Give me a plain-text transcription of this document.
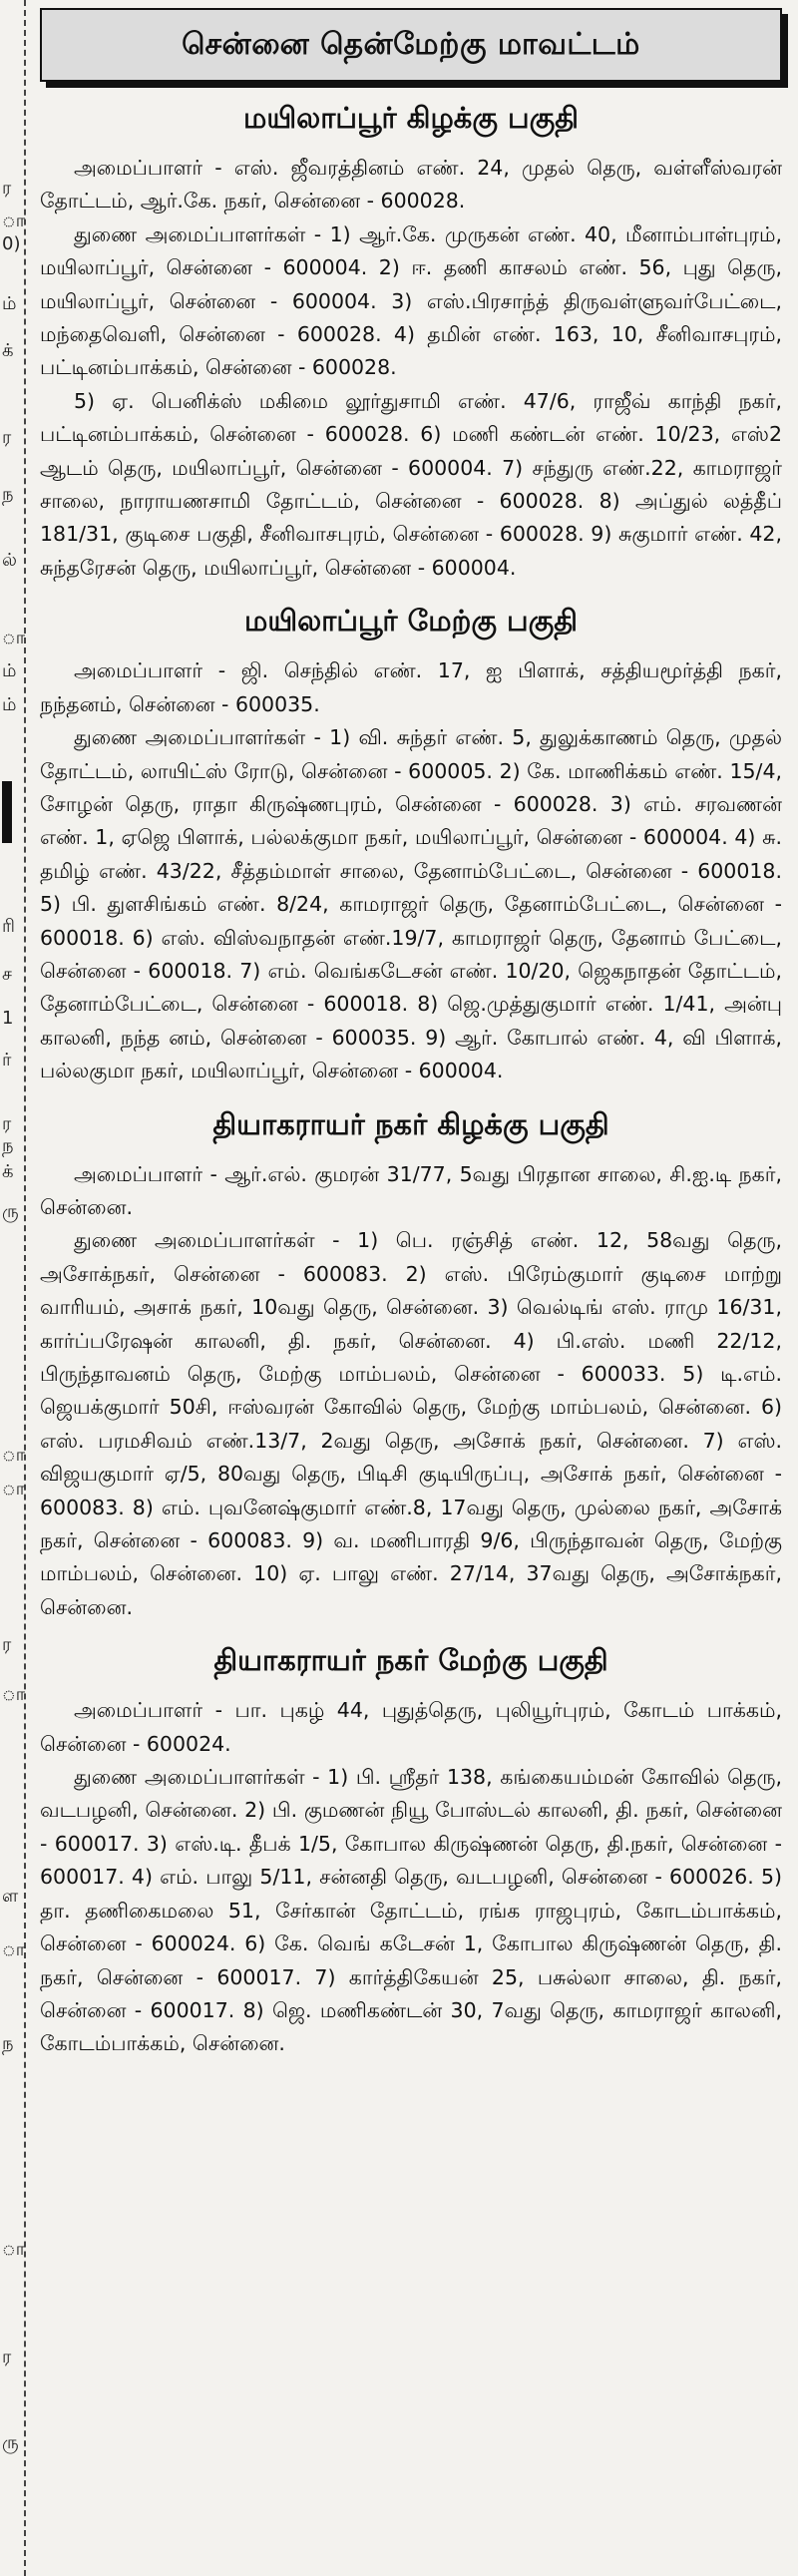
ர
ா
0)
ம்
க்
ர
ந
ல்
ா
ம்
ம்
ரி
ச
1
ர்
ர
ந
க்
ரு
ா
ா
ர
ா
ள
ா
ந
ா
ர
ரு
சென்னை தென்மேற்கு மாவட்டம்
மயிலாப்பூர் கிழக்கு பகுதி

அமைப்பாளர் - எஸ். ஜீவரத்தினம் எண். 24, முதல் தெரு, வள்ளீஸ்வரன் தோட்டம், ஆர்.கே. நகர், சென்னை - 600028.

துணை அமைப்பாளர்கள் - 1) ஆர்.கே. முருகன் எண். 40, மீனாம்பாள்புரம், மயிலாப்பூர், சென்னை - 600004. 2) ஈ. தணி காசலம் எண். 56, புது தெரு, மயிலாப்பூர், சென்னை - 600004. 3) எஸ்.பிரசாந்த் திருவள்ளுவர்பேட்டை, மந்தைவெளி, சென்னை - 600028. 4) தமின் எண். 163, 10, சீனிவாசபுரம், பட்டினம்பாக்கம், சென்னை - 600028.

5) ஏ. பெனிக்ஸ் மகிமை லூர்துசாமி எண். 47/6, ராஜீவ் காந்தி நகர், பட்டினம்பாக்கம், சென்னை - 600028. 6) மணி கண்டன் எண். 10/23, எஸ்2 ஆடம் தெரு, மயிலாப்பூர், சென்னை - 600004. 7) சந்துரு எண்.22, காமராஜர் சாலை, நாராயணசாமி தோட்டம், சென்னை - 600028. 8) அப்துல் லத்தீப் 181/31, குடிசை பகுதி, சீனிவாசபுரம், சென்னை - 600028. 9) சுகுமார் எண். 42, சுந்தரேசன் தெரு, மயிலாப்பூர், சென்னை - 600004.

மயிலாப்பூர் மேற்கு பகுதி

அமைப்பாளர் - ஜி. செந்தில் எண். 17, ஐ பிளாக், சத்தியமூர்த்தி நகர், நந்தனம், சென்னை - 600035.

துணை அமைப்பாளர்கள் - 1) வி. சுந்தர் எண். 5, துலுக்காணம் தெரு, முதல் தோட்டம், லாயிட்ஸ் ரோடு, சென்னை - 600005. 2) கே. மாணிக்கம் எண். 15/4, சோழன் தெரு, ராதா கிருஷ்ணபுரம், சென்னை - 600028. 3) எம். சரவணன் எண். 1, ஏஜெ பிளாக், பல்லக்குமா நகர், மயிலாப்பூர், சென்னை - 600004. 4) சு. தமிழ் எண். 43/22, சீத்தம்மாள் சாலை, தேனாம்பேட்டை, சென்னை - 600018. 5) பி. துளசிங்கம் எண். 8/24, காமராஜர் தெரு, தேனாம்பேட்டை, சென்னை - 600018. 6) எஸ். விஸ்வநாதன் எண்.19/7, காமராஜர் தெரு, தேனாம் பேட்டை, சென்னை - 600018. 7) எம். வெங்கடேசன் எண். 10/20, ஜெகநாதன் தோட்டம், தேனாம்பேட்டை, சென்னை - 600018. 8) ஜெ.முத்துகுமார் எண். 1/41, அன்பு காலனி, நந்த னம், சென்னை - 600035. 9) ஆர். கோபால் எண். 4, வி பிளாக், பல்லகுமா நகர், மயிலாப்பூர், சென்னை - 600004.

தியாகராயர் நகர் கிழக்கு பகுதி

அமைப்பாளர் - ஆர்.எல். குமரன் 31/77, 5வது பிரதான சாலை, சி.ஐ.டி நகர், சென்னை.

துணை அமைப்பாளர்கள் - 1) பெ. ரஞ்சித் எண். 12, 58வது தெரு, அசோக்நகர், சென்னை - 600083. 2) எஸ். பிரேம்குமார் குடிசை மாற்று வாரியம், அசாக் நகர், 10வது தெரு, சென்னை. 3) வெல்டிங் எஸ். ராமு 16/31, கார்ப்பரேஷன் காலனி, தி. நகர், சென்னை. 4) பி.எஸ். மணி 22/12, பிருந்தாவனம் தெரு, மேற்கு மாம்பலம், சென்னை - 600033. 5) டி.எம். ஜெயக்குமார் 50சி, ஈஸ்வரன் கோவில் தெரு, மேற்கு மாம்பலம், சென்னை. 6) எஸ். பரமசிவம் எண்.13/7, 2வது தெரு, அசோக் நகர், சென்னை. 7) எஸ். விஜயகுமார் ஏ/5, 80வது தெரு, பிடிசி குடியிருப்பு, அசோக் நகர், சென்னை - 600083. 8) எம். புவனேஷ்குமார் எண்.8, 17வது தெரு, முல்லை நகர், அசோக் நகர், சென்னை - 600083. 9) வ. மணிபாரதி 9/6, பிருந்தாவன் தெரு, மேற்கு மாம்பலம், சென்னை. 10) ஏ. பாலு எண். 27/14, 37வது தெரு, அசோக்நகர், சென்னை.

தியாகராயர் நகர் மேற்கு பகுதி

அமைப்பாளர் - பா. புகழ் 44, புதுத்தெரு, புலியூர்புரம், கோடம் பாக்கம், சென்னை - 600024.

துணை அமைப்பாளர்கள் - 1) பி. ஸ்ரீதர் 138, கங்கையம்மன் கோவில் தெரு, வடபழனி, சென்னை. 2) பி. குமணன் நியூ போஸ்டல் காலனி, தி. நகர், சென்னை - 600017. 3) எஸ்.டி. தீபக் 1/5, கோபால கிருஷ்ணன் தெரு, தி.நகர், சென்னை - 600017. 4) எம். பாலு 5/11, சன்னதி தெரு, வடபழனி, சென்னை - 600026. 5) தா. தணிகைமலை 51, சேர்கான் தோட்டம், ரங்க ராஜபுரம், கோடம்பாக்கம், சென்னை - 600024. 6) கே. வெங் கடேசன் 1, கோபால கிருஷ்ணன் தெரு, தி. நகர், சென்னை - 600017. 7) கார்த்திகேயன் 25, பசுல்லா சாலை, தி. நகர், சென்னை - 600017. 8) ஜெ. மணிகண்டன் 30, 7வது தெரு, காமராஜர் காலனி, கோடம்பாக்கம், சென்னை.
